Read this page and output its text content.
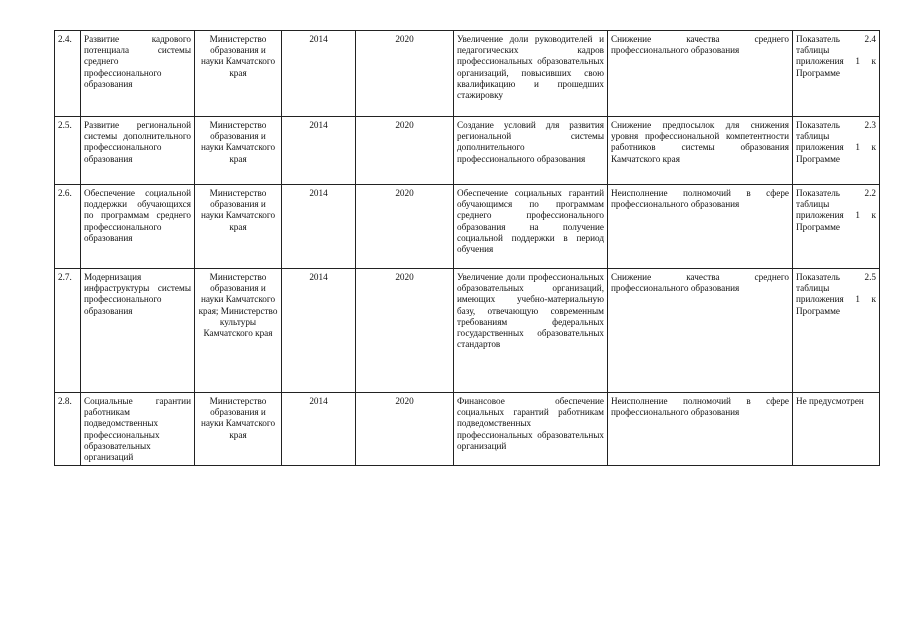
2.4.	Развитие кадрового потенциала системы среднего профессионального образования	Министерство образования и науки Камчатского края	2014	2020	Увеличение доли руководителей и педагогических кадров профессиональных образовательных организаций, повысивших свою квалификацию и прошедших стажировку	Снижение качества среднего профессионального образования	Показатель 2.4 таблицы приложения 1 к Программе
2.5.	Развитие региональной системы дополнительного профессионального образования	Министерство образования и науки Камчатского края	2014	2020	Создание условий для развития региональной системы дополнительного профессионального образования	Снижение предпосылок для снижения уровня профессиональной компетентности работников системы образования Камчатского края	Показатель 2.3 таблицы приложения 1 к Программе
2.6.	Обеспечение социальной поддержки обучающихся по программам среднего профессионального образования	Министерство образования и науки Камчатского края	2014	2020	Обеспечение социальных гарантий обучающимся по программам среднего профессионального образования на получение социальной поддержки в период обучения	Неисполнение полномочий в сфере профессионального образования	Показатель 2.2 таблицы приложения 1 к Программе
2.7.	Модернизация инфраструктуры системы профессионального образования	Министерство образования и науки Камчатского края; Министерство культуры Камчатского края	2014	2020	Увеличение доли профессиональных образовательных организаций, имеющих учебно-материальную базу, отвечающую современным требованиям федеральных государственных образовательных стандартов	Снижение качества среднего профессионального образования	Показатель 2.5 таблицы приложения 1 к Программе
2.8.	Социальные гарантии работникам подведомственных профессиональных образовательных организаций	Министерство образования и науки Камчатского края	2014	2020	Финансовое обеспечение социальных гарантий работникам подведомственных профессиональных образовательных организаций	Неисполнение полномочий в сфере профессионального образования	Не предусмотрен
